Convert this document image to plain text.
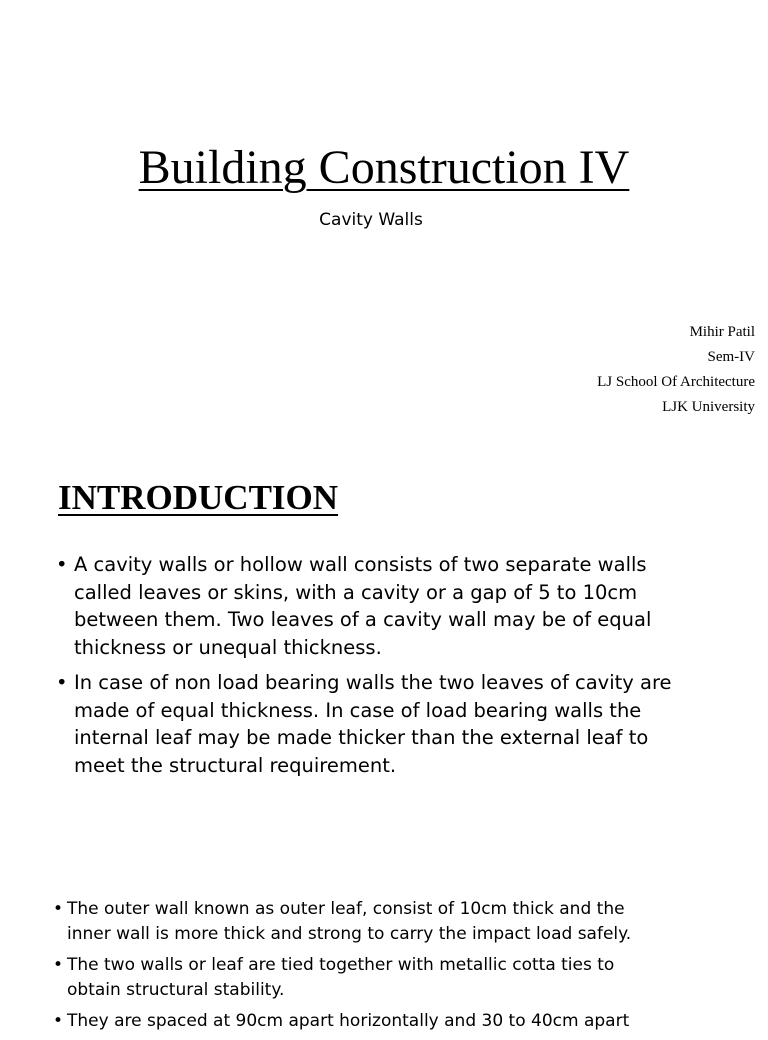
Building Construction IV
Cavity Walls
Mihir Patil
Sem-IV
LJ School Of Architecture
LJK University
INTRODUCTION
• A cavity walls or hollow wall consists of two separate walls
called leaves or skins, with a cavity or a gap of 5 to 10cm
between them. Two leaves of a cavity wall may be of equal
thickness or unequal thickness.
• In case of non load bearing walls the two leaves of cavity are
made of equal thickness. In case of load bearing walls the
internal leaf may be made thicker than the external leaf to
meet the structural requirement.
• The outer wall known as outer leaf, consist of 10cm thick and the
inner wall is more thick and strong to carry the impact load safely.
• The two walls or leaf are tied together with metallic cotta ties to
obtain structural stability.
• They are spaced at 90cm apart horizontally and 30 to 40cm apart
